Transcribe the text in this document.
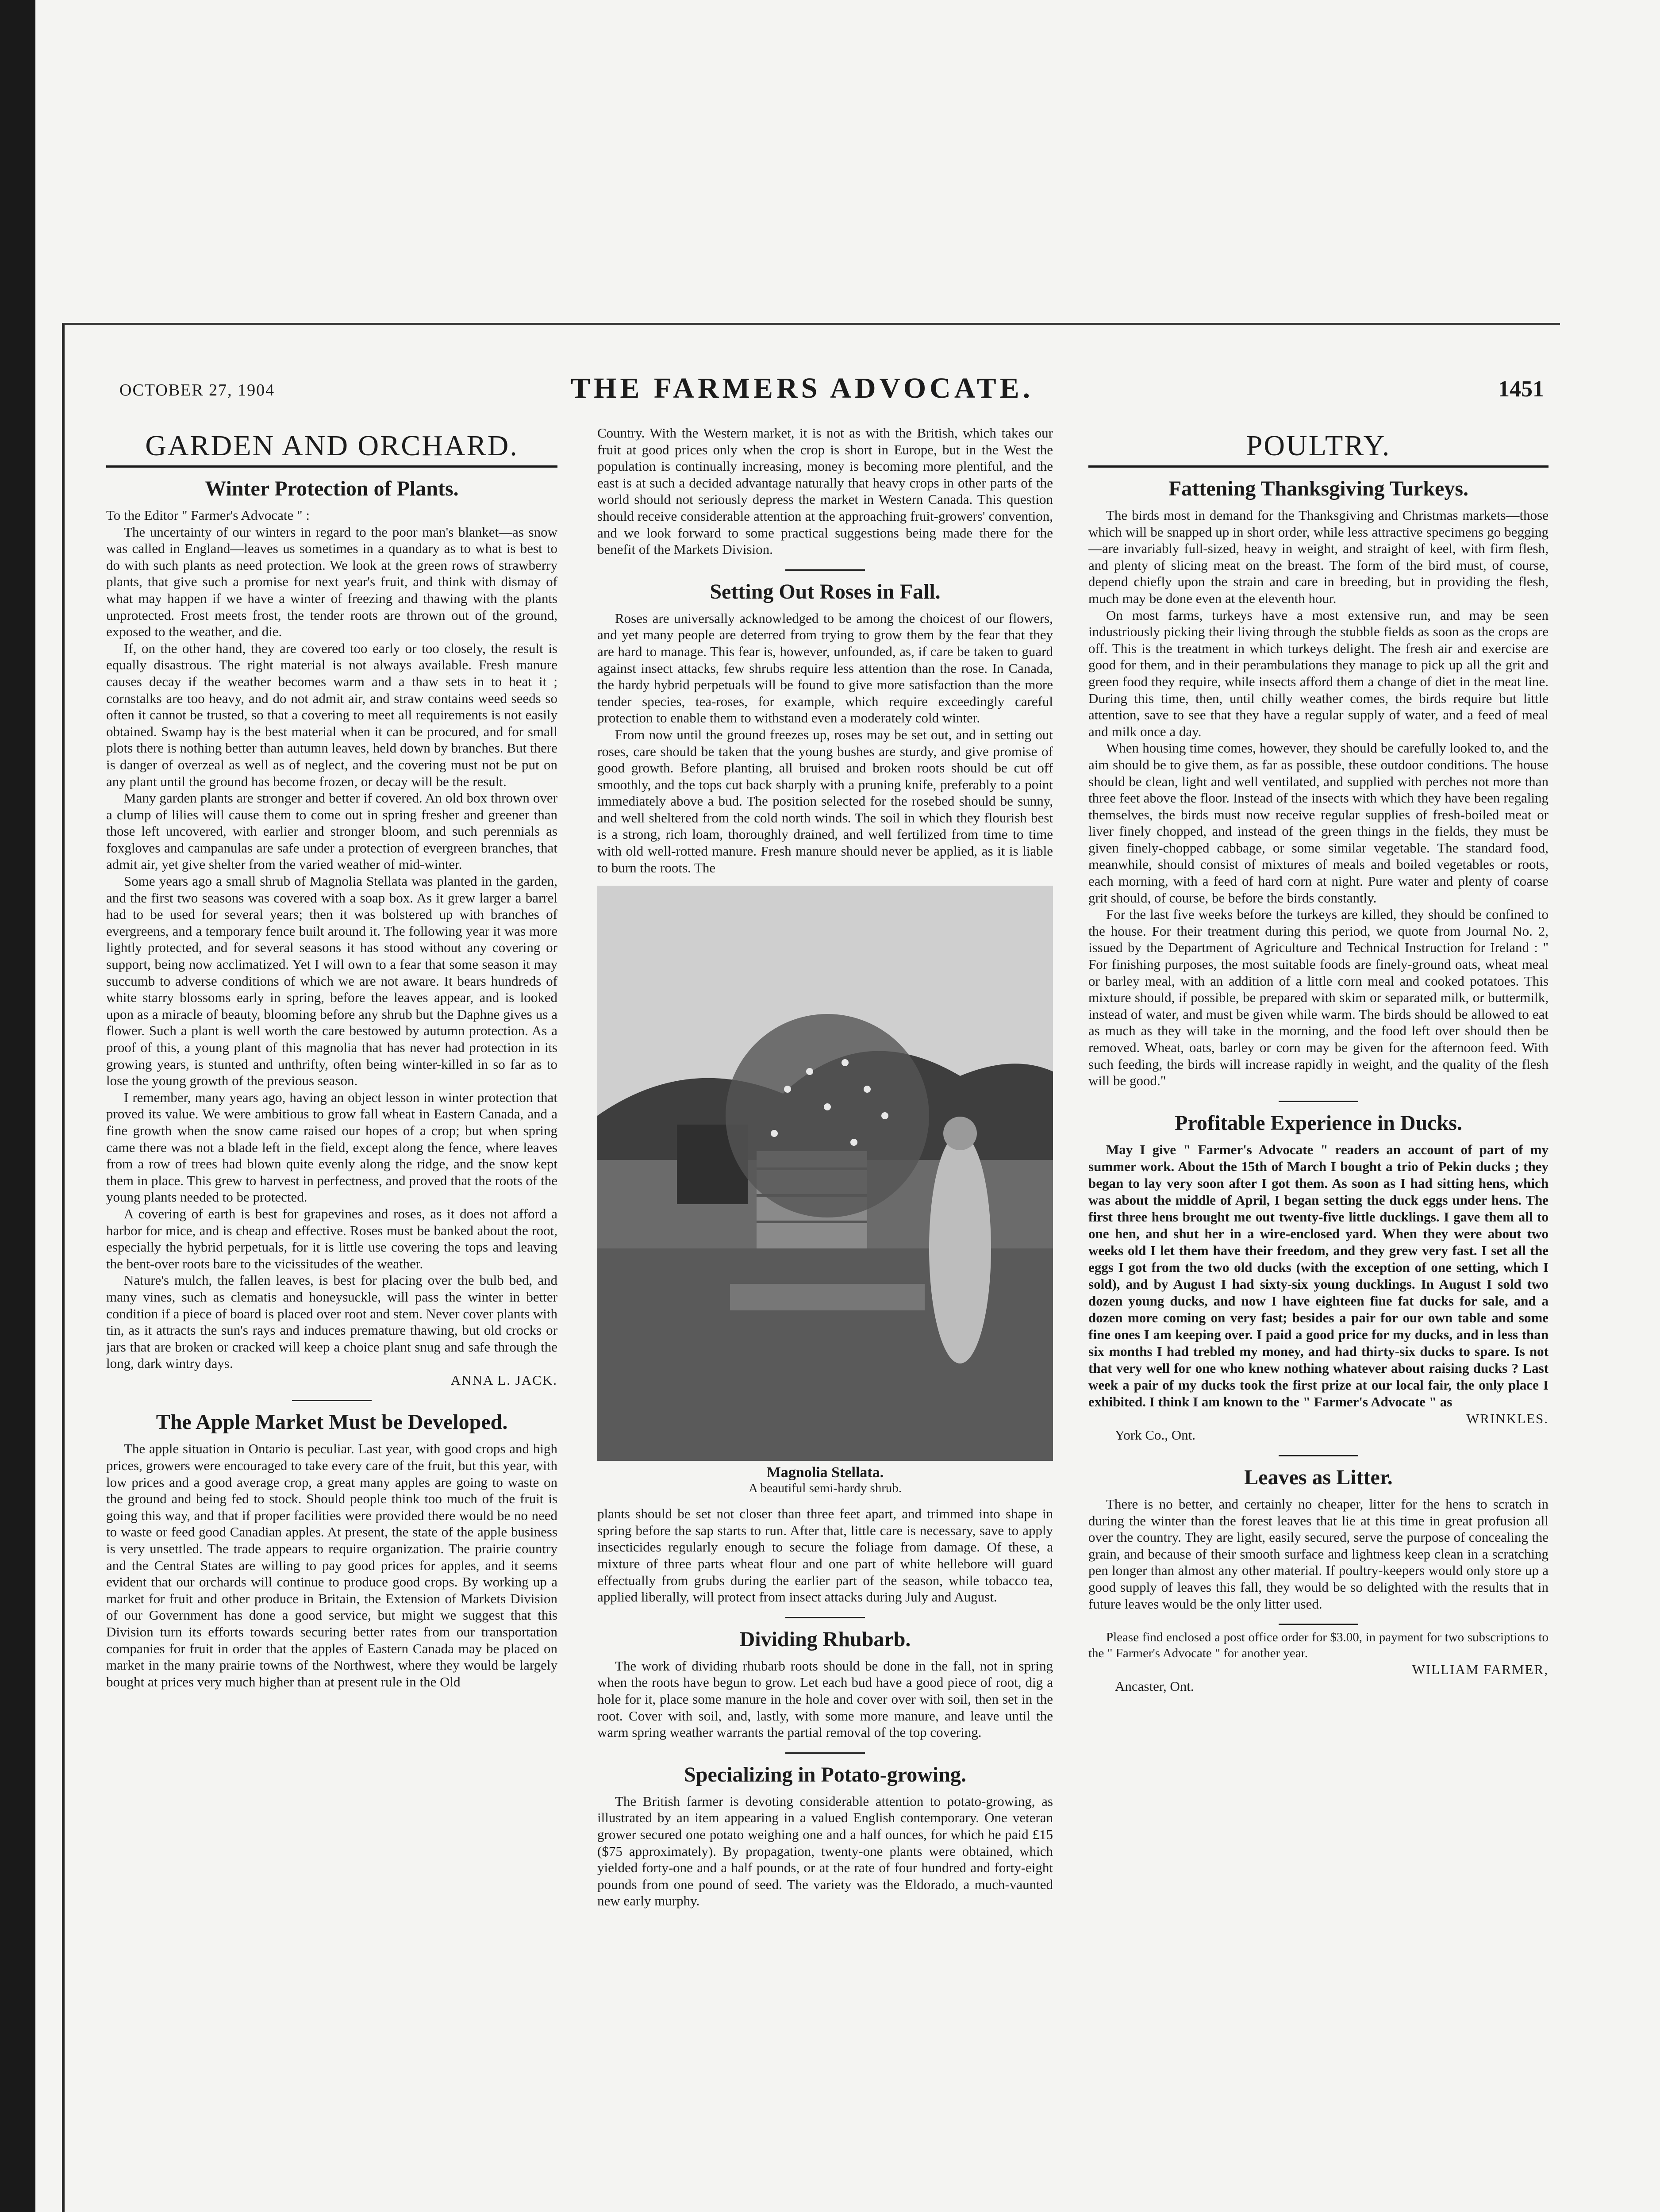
OCTOBER 27, 1904	THE FARMERS ADVOCATE.	1451
GARDEN AND ORCHARD.
Winter Protection of Plants.

To the Editor " Farmer's Advocate " :

The uncertainty of our winters in regard to the poor man's blanket—as snow was called in England—leaves us sometimes in a quandary as to what is best to do with such plants as need protection. We look at the green rows of strawberry plants, that give such a promise for next year's fruit, and think with dismay of what may happen if we have a winter of freezing and thawing with the plants unprotected. Frost meets frost, the tender roots are thrown out of the ground, exposed to the weather, and die.

If, on the other hand, they are covered too early or too closely, the result is equally disastrous. The right material is not always available. Fresh manure causes decay if the weather becomes warm and a thaw sets in to heat it ; cornstalks are too heavy, and do not admit air, and straw contains weed seeds so often it cannot be trusted, so that a covering to meet all requirements is not easily obtained. Swamp hay is the best material when it can be procured, and for small plots there is nothing better than autumn leaves, held down by branches. But there is danger of overzeal as well as of neglect, and the covering must not be put on any plant until the ground has become frozen, or decay will be the result.

Many garden plants are stronger and better if covered. An old box thrown over a clump of lilies will cause them to come out in spring fresher and greener than those left uncovered, with earlier and stronger bloom, and such perennials as foxgloves and campanulas are safe under a protection of evergreen branches, that admit air, yet give shelter from the varied weather of mid-winter.

Some years ago a small shrub of Magnolia Stellata was planted in the garden, and the first two seasons was covered with a soap box. As it grew larger a barrel had to be used for several years; then it was bolstered up with branches of evergreens, and a temporary fence built around it. The following year it was more lightly protected, and for several seasons it has stood without any covering or support, being now acclimatized. Yet I will own to a fear that some season it may succumb to adverse conditions of which we are not aware. It bears hundreds of white starry blossoms early in spring, before the leaves appear, and is looked upon as a miracle of beauty, blooming before any shrub but the Daphne gives us a flower. Such a plant is well worth the care bestowed by autumn protection. As a proof of this, a young plant of this magnolia that has never had protection in its growing years, is stunted and unthrifty, often being winter-killed in so far as to lose the young growth of the previous season.

I remember, many years ago, having an object lesson in winter protection that proved its value. We were ambitious to grow fall wheat in Eastern Canada, and a fine growth when the snow came raised our hopes of a crop; but when spring came there was not a blade left in the field, except along the fence, where leaves from a row of trees had blown quite evenly along the ridge, and the snow kept them in place. This grew to harvest in perfectness, and proved that the roots of the young plants needed to be protected.

A covering of earth is best for grapevines and roses, as it does not afford a harbor for mice, and is cheap and effective. Roses must be banked about the root, especially the hybrid perpetuals, for it is little use covering the tops and leaving the bent-over roots bare to the vicissitudes of the weather.

Nature's mulch, the fallen leaves, is best for placing over the bulb bed, and many vines, such as clematis and honeysuckle, will pass the winter in better condition if a piece of board is placed over root and stem. Never cover plants with tin, as it attracts the sun's rays and induces premature thawing, but old crocks or jars that are broken or cracked will keep a choice plant snug and safe through the long, dark wintry days.

ANNA L. JACK.

The Apple Market Must be Developed.

The apple situation in Ontario is peculiar. Last year, with good crops and high prices, growers were encouraged to take every care of the fruit, but this year, with low prices and a good average crop, a great many apples are going to waste on the ground and being fed to stock. Should people think too much of the fruit is going this way, and that if proper facilities were provided there would be no need to waste or feed good Canadian apples. At present, the state of the apple business is very unsettled. The trade appears to require organization. The prairie country and the Central States are willing to pay good prices for apples, and it seems evident that our orchards will continue to produce good crops. By working up a market for fruit and other produce in Britain, the Extension of Markets Division of our Government has done a good service, but might we suggest that this Division turn its efforts towards securing better rates from our transportation companies for fruit in order that the apples of Eastern Canada may be placed on market in the many prairie towns of the Northwest, where they would be largely bought at prices very much higher than at present rule in the Old

Country. With the Western market, it is not as with the British, which takes our fruit at good prices only when the crop is short in Europe, but in the West the population is continually increasing, money is becoming more plentiful, and the east is at such a decided advantage naturally that heavy crops in other parts of the world should not seriously depress the market in Western Canada. This question should receive considerable attention at the approaching fruit-growers' convention, and we look forward to some practical suggestions being made there for the benefit of the Markets Division.

Setting Out Roses in Fall.

Roses are universally acknowledged to be among the choicest of our flowers, and yet many people are deterred from trying to grow them by the fear that they are hard to manage. This fear is, however, unfounded, as, if care be taken to guard against insect attacks, few shrubs require less attention than the rose. In Canada, the hardy hybrid perpetuals will be found to give more satisfaction than the more tender species, tea-roses, for example, which require exceedingly careful protection to enable them to withstand even a moderately cold winter.

From now until the ground freezes up, roses may be set out, and in setting out roses, care should be taken that the young bushes are sturdy, and give promise of good growth. Before planting, all bruised and broken roots should be cut off smoothly, and the tops cut back sharply with a pruning knife, preferably to a point immediately above a bud. The position selected for the rosebed should be sunny, and well sheltered from the cold north winds. The soil in which they flourish best is a strong, rich loam, thoroughly drained, and well fertilized from time to time with old well-rotted manure. Fresh manure should never be applied, as it is liable to burn the roots. The

Magnolia Stellata.
A beautiful semi-hardy shrub.

plants should be set not closer than three feet apart, and trimmed into shape in spring before the sap starts to run. After that, little care is necessary, save to apply insecticides regularly enough to secure the foliage from damage. Of these, a mixture of three parts wheat flour and one part of white hellebore will guard effectually from grubs during the earlier part of the season, while tobacco tea, applied liberally, will protect from insect attacks during July and August.

Dividing Rhubarb.

The work of dividing rhubarb roots should be done in the fall, not in spring when the roots have begun to grow. Let each bud have a good piece of root, dig a hole for it, place some manure in the hole and cover over with soil, then set in the root. Cover with soil, and, lastly, with some more manure, and leave until the warm spring weather warrants the partial removal of the top covering.

Specializing in Potato-growing.

The British farmer is devoting considerable attention to potato-growing, as illustrated by an item appearing in a valued English contemporary. One veteran grower secured one potato weighing one and a half ounces, for which he paid £15 ($75 approximately). By propagation, twenty-one plants were obtained, which yielded forty-one and a half pounds, or at the rate of four hundred and forty-eight pounds from one pound of seed. The variety was the Eldorado, a much-vaunted new early murphy.

POULTRY.
Fattening Thanksgiving Turkeys.

The birds most in demand for the Thanksgiving and Christmas markets—those which will be snapped up in short order, while less attractive specimens go begging—are invariably full-sized, heavy in weight, and straight of keel, with firm flesh, and plenty of slicing meat on the breast. The form of the bird must, of course, depend chiefly upon the strain and care in breeding, but in providing the flesh, much may be done even at the eleventh hour.

On most farms, turkeys have a most extensive run, and may be seen industriously picking their living through the stubble fields as soon as the crops are off. This is the treatment in which turkeys delight. The fresh air and exercise are good for them, and in their perambulations they manage to pick up all the grit and green food they require, while insects afford them a change of diet in the meat line. During this time, then, until chilly weather comes, the birds require but little attention, save to see that they have a regular supply of water, and a feed of meal and milk once a day.

When housing time comes, however, they should be carefully looked to, and the aim should be to give them, as far as possible, these outdoor conditions. The house should be clean, light and well ventilated, and supplied with perches not more than three feet above the floor. Instead of the insects with which they have been regaling themselves, the birds must now receive regular supplies of fresh-boiled meat or liver finely chopped, and instead of the green things in the fields, they must be given finely-chopped cabbage, or some similar vegetable. The standard food, meanwhile, should consist of mixtures of meals and boiled vegetables or roots, each morning, with a feed of hard corn at night. Pure water and plenty of coarse grit should, of course, be before the birds constantly.

For the last five weeks before the turkeys are killed, they should be confined to the house. For their treatment during this period, we quote from Journal No. 2, issued by the Department of Agriculture and Technical Instruction for Ireland : " For finishing purposes, the most suitable foods are finely-ground oats, wheat meal or barley meal, with an addition of a little corn meal and cooked potatoes. This mixture should, if possible, be prepared with skim or separated milk, or buttermilk, instead of water, and must be given while warm. The birds should be allowed to eat as much as they will take in the morning, and the food left over should then be removed. Wheat, oats, barley or corn may be given for the afternoon feed. With such feeding, the birds will increase rapidly in weight, and the quality of the flesh will be good."

Profitable Experience in Ducks.

May I give " Farmer's Advocate " readers an account of part of my summer work. About the 15th of March I bought a trio of Pekin ducks ; they began to lay very soon after I got them. As soon as I had sitting hens, which was about the middle of April, I began setting the duck eggs under hens. The first three hens brought me out twenty-five little ducklings. I gave them all to one hen, and shut her in a wire-enclosed yard. When they were about two weeks old I let them have their freedom, and they grew very fast. I set all the eggs I got from the two old ducks (with the exception of one setting, which I sold), and by August I had sixty-six young ducklings. In August I sold two dozen young ducks, and now I have eighteen fine fat ducks for sale, and a dozen more coming on very fast; besides a pair for our own table and some fine ones I am keeping over. I paid a good price for my ducks, and in less than six months I had trebled my money, and had thirty-six ducks to spare. Is not that very well for one who knew nothing whatever about raising ducks ? Last week a pair of my ducks took the first prize at our local fair, the only place I exhibited. I think I am known to the " Farmer's Advocate " as

WRINKLES.

York Co., Ont.

Leaves as Litter.

There is no better, and certainly no cheaper, litter for the hens to scratch in during the winter than the forest leaves that lie at this time in great profusion all over the country. They are light, easily secured, serve the purpose of concealing the grain, and because of their smooth surface and lightness keep clean in a scratching pen longer than almost any other material. If poultry-keepers would only store up a good supply of leaves this fall, they would be so delighted with the results that in future leaves would be the only litter used.

Please find enclosed a post office order for $3.00, in payment for two subscriptions to the " Farmer's Advocate " for another year.

WILLIAM FARMER,

Ancaster, Ont.
